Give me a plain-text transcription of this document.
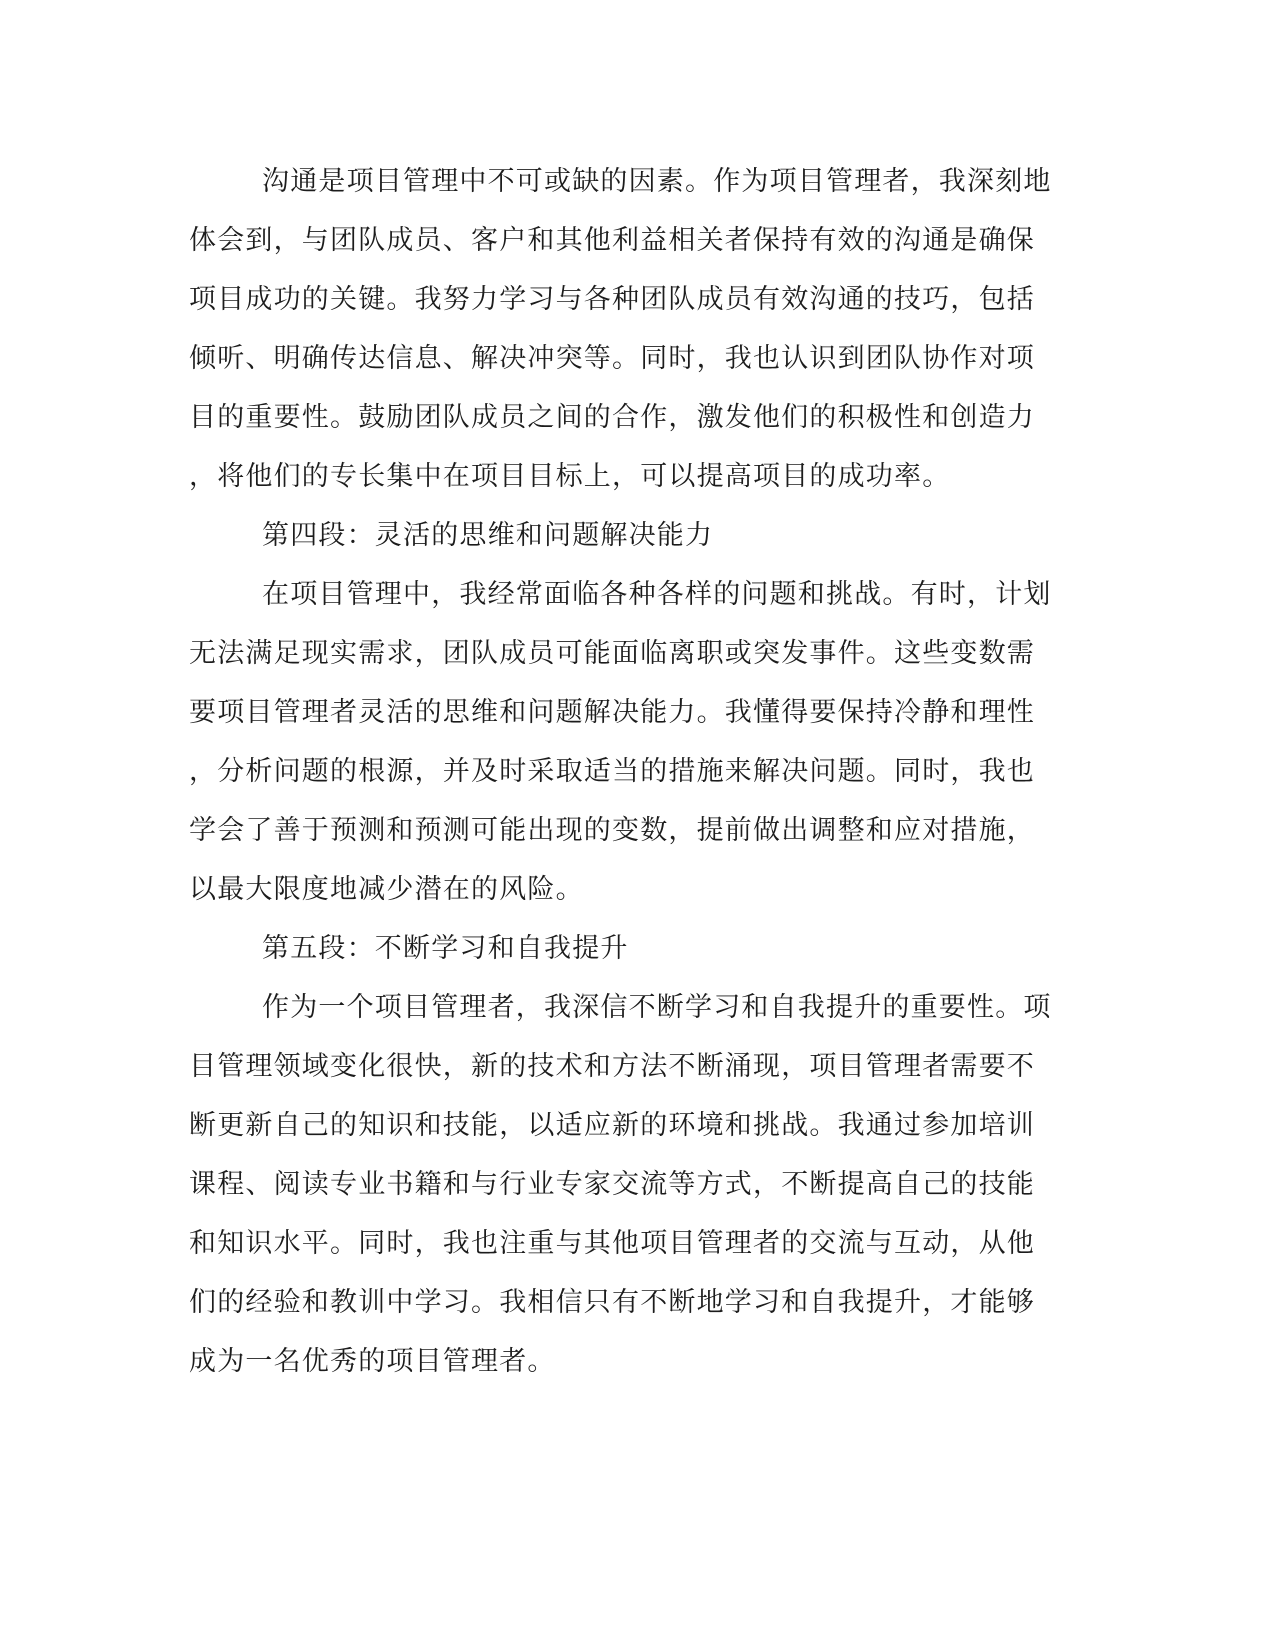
沟通是项目管理中不可或缺的因素。作为项目管理者，我深刻地

体会到，与团队成员、客户和其他利益相关者保持有效的沟通是确保

项目成功的关键。我努力学习与各种团队成员有效沟通的技巧，包括

倾听、明确传达信息、解决冲突等。同时，我也认识到团队协作对项

目的重要性。鼓励团队成员之间的合作，激发他们的积极性和创造力

，将他们的专长集中在项目目标上，可以提高项目的成功率。

第四段：灵活的思维和问题解决能力

在项目管理中，我经常面临各种各样的问题和挑战。有时，计划

无法满足现实需求，团队成员可能面临离职或突发事件。这些变数需

要项目管理者灵活的思维和问题解决能力。我懂得要保持冷静和理性

，分析问题的根源，并及时采取适当的措施来解决问题。同时，我也

学会了善于预测和预测可能出现的变数，提前做出调整和应对措施，

以最大限度地减少潜在的风险。

第五段：不断学习和自我提升

作为一个项目管理者，我深信不断学习和自我提升的重要性。项

目管理领域变化很快，新的技术和方法不断涌现，项目管理者需要不

断更新自己的知识和技能，以适应新的环境和挑战。我通过参加培训

课程、阅读专业书籍和与行业专家交流等方式，不断提高自己的技能

和知识水平。同时，我也注重与其他项目管理者的交流与互动，从他

们的经验和教训中学习。我相信只有不断地学习和自我提升，才能够

成为一名优秀的项目管理者。
